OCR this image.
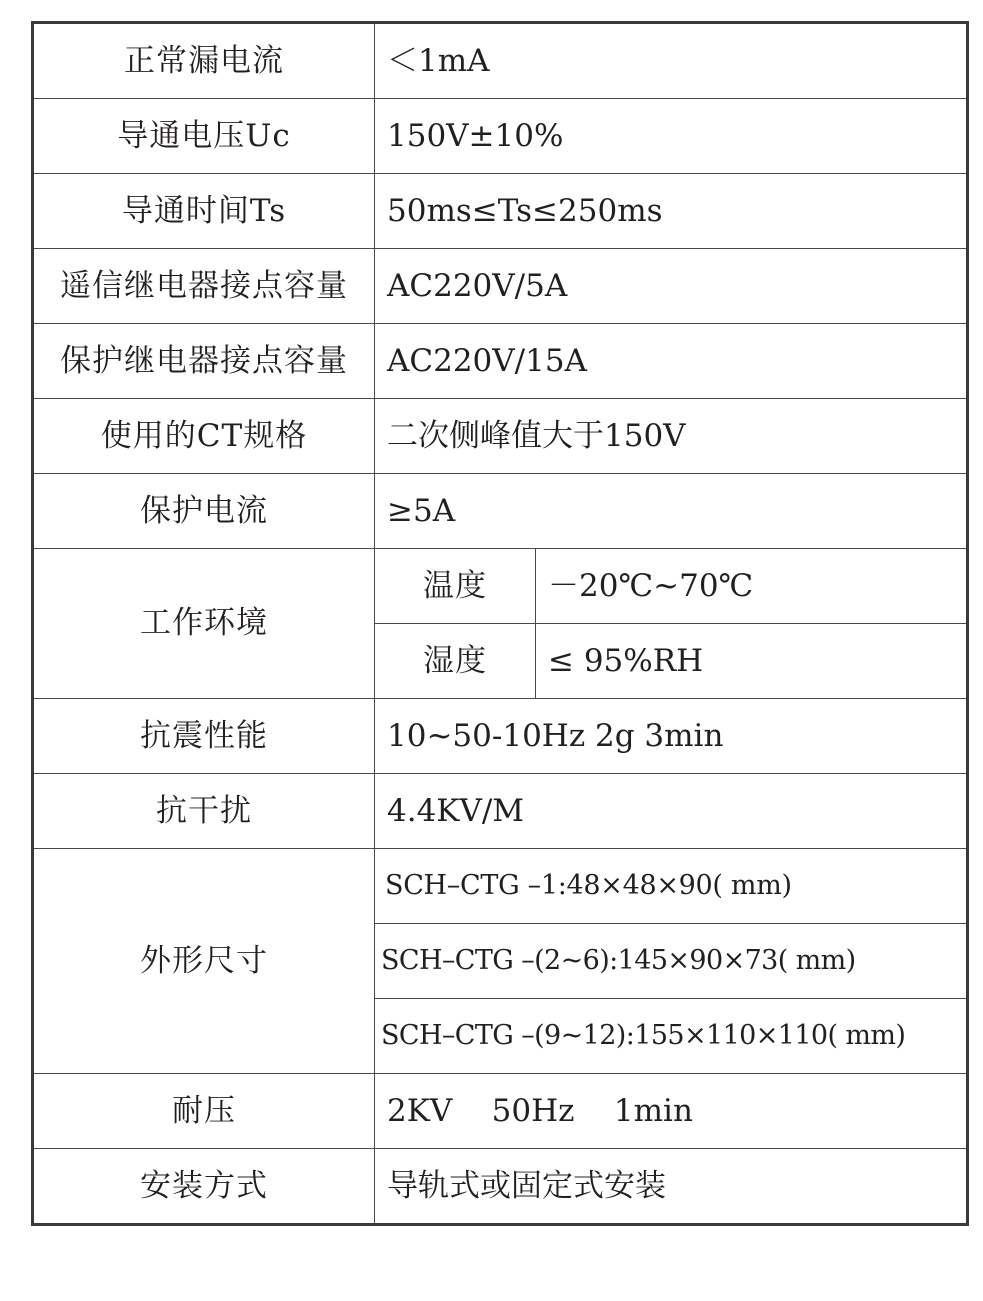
正常漏电流	＜1mA	
导通电压Uc	150V±10%	
导通时间Ts	50ms≤Ts≤250ms	
遥信继电器接点容量	AC220V/5A	
保护继电器接点容量	AC220V/15A	
使用的CT规格	二次侧峰值大于150V	
保护电流	≥5A	
工作环境	温度	－20℃~70℃
	湿度	≤ 95%RH
抗震性能	10~50-10Hz 2g 3min	
抗干扰	4.4KV/M	
外形尺寸	SCH–CTG –1:48×48×90( mm)	
	SCH–CTG –(2~6):145×90×73( mm)	
	SCH–CTG –(9~12):155×110×110( mm)	
耐压	2KV    50Hz    1min	
安装方式	导轨式或固定式安装	
